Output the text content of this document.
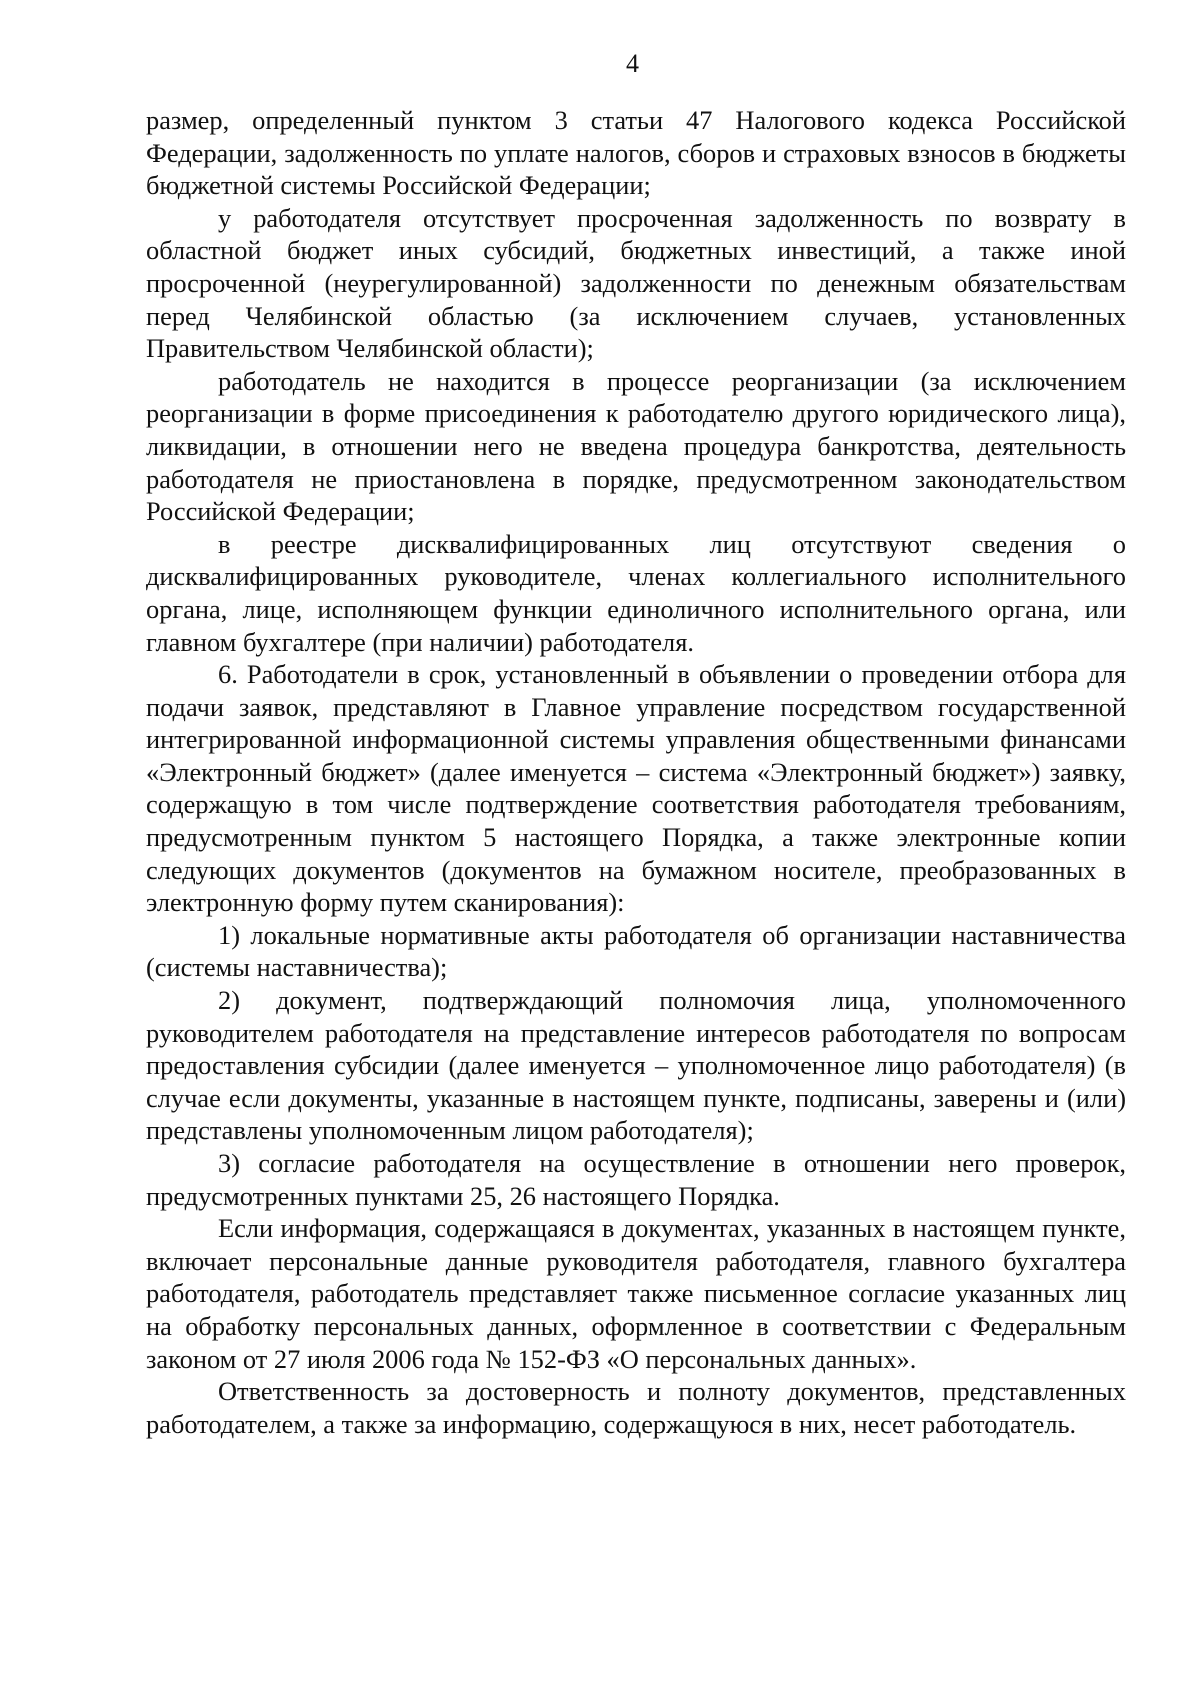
4

размер, определенный пунктом 3 статьи 47 Налогового кодекса Российской Федерации, задолженность по уплате налогов, сборов и страховых взносов в бюджеты бюджетной системы Российской Федерации;

у работодателя отсутствует просроченная задолженность по возврату в областной бюджет иных субсидий, бюджетных инвестиций, а также иной просроченной (неурегулированной) задолженности по денежным обязательствам перед Челябинской областью (за исключением случаев, установленных Правительством Челябинской области);

работодатель не находится в процессе реорганизации (за исключением реорганизации в форме присоединения к работодателю другого юридического лица), ликвидации, в отношении него не введена процедура банкротства, деятельность работодателя не приостановлена в порядке, предусмотренном законодательством Российской Федерации;

в реестре дисквалифицированных лиц отсутствуют сведения о дисквалифицированных руководителе, членах коллегиального исполнительного органа, лице, исполняющем функции единоличного исполнительного органа, или главном бухгалтере (при наличии) работодателя.

6. Работодатели в срок, установленный в объявлении о проведении отбора для подачи заявок, представляют в Главное управление посредством государственной интегрированной информационной системы управления общественными финансами «Электронный бюджет» (далее именуется – система «Электронный бюджет») заявку, содержащую в том числе подтверждение соответствия работодателя требованиям, предусмотренным пунктом 5 настоящего Порядка, а также электронные копии следующих документов (документов на бумажном носителе, преобразованных в электронную форму путем сканирования):

1) локальные нормативные акты работодателя об организации наставничества (системы наставничества);

2) документ, подтверждающий полномочия лица, уполномоченного руководителем работодателя на представление интересов работодателя по вопросам предоставления субсидии (далее именуется – уполномоченное лицо работодателя) (в случае если документы, указанные в настоящем пункте, подписаны, заверены и (или) представлены уполномоченным лицом работодателя);

3) согласие работодателя на осуществление в отношении него проверок, предусмотренных пунктами 25, 26 настоящего Порядка.

Если информация, содержащаяся в документах, указанных в настоящем пункте, включает персональные данные руководителя работодателя, главного бухгалтера работодателя, работодатель представляет также письменное согласие указанных лиц на обработку персональных данных, оформленное в соответствии с Федеральным законом от 27 июля 2006 года № 152-ФЗ «О персональных данных».

Ответственность за достоверность и полноту документов, представленных работодателем, а также за информацию, содержащуюся в них, несет работодатель.
